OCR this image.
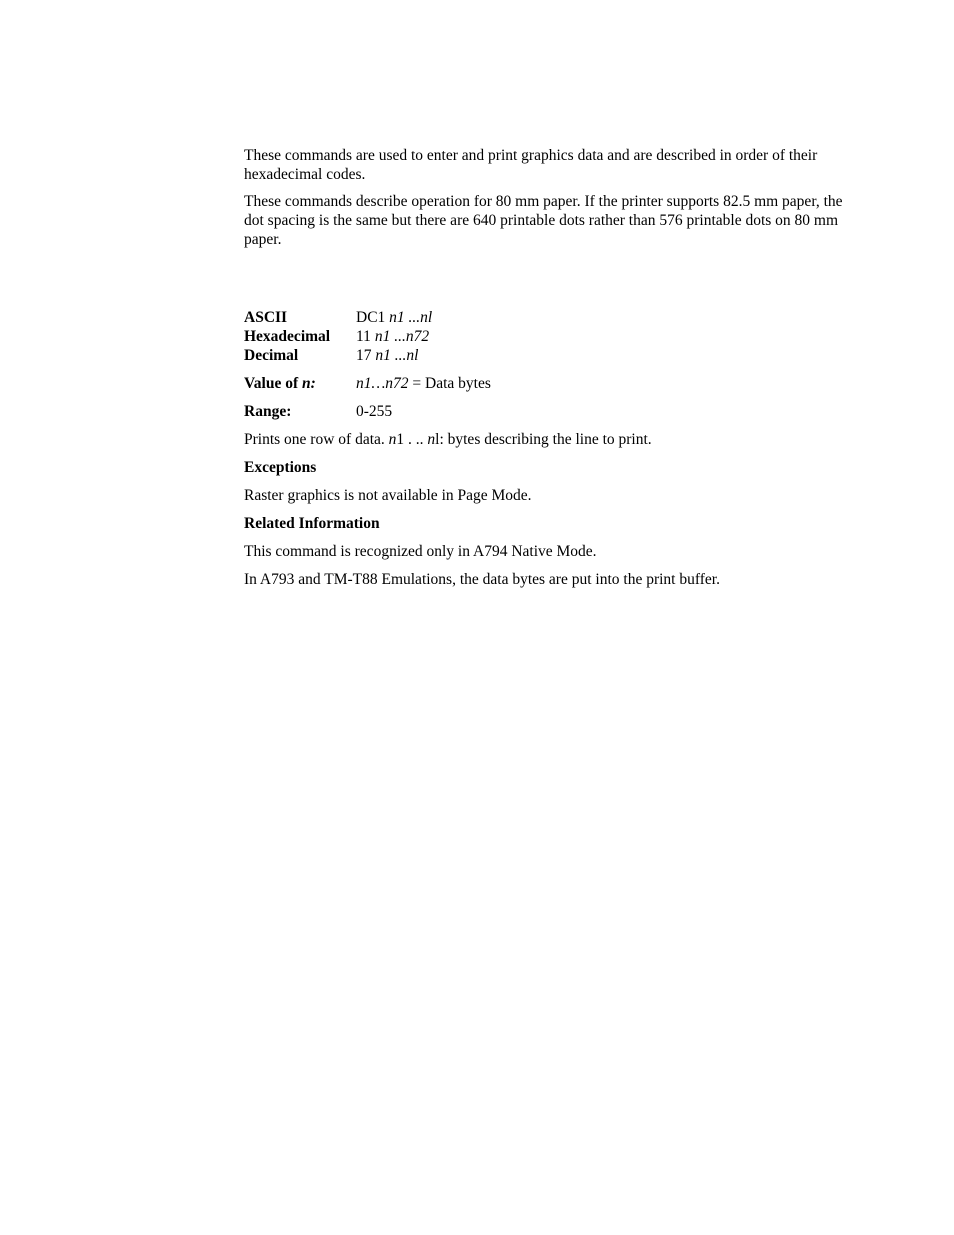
These commands are used to enter and print graphics data and are described in order of their hexadecimal codes.

These commands describe operation for 80 mm paper. If the printer supports 82.5 mm paper, the dot spacing is the same but there are 640 printable dots rather than 576 printable dots on 80 mm paper.

ASCII	DC1 n1 ...nl
Hexadecimal	11 n1 ...n72
Decimal	17 n1 ...nl
Value of n:	n1…n72 = Data bytes
Range:	0-255

Prints one row of data. n1 . .. nl: bytes describing the line to print.

Exceptions

Raster graphics is not available in Page Mode.

Related Information

This command is recognized only in A794 Native Mode.

In A793 and TM-T88 Emulations, the data bytes are put into the print buffer.
